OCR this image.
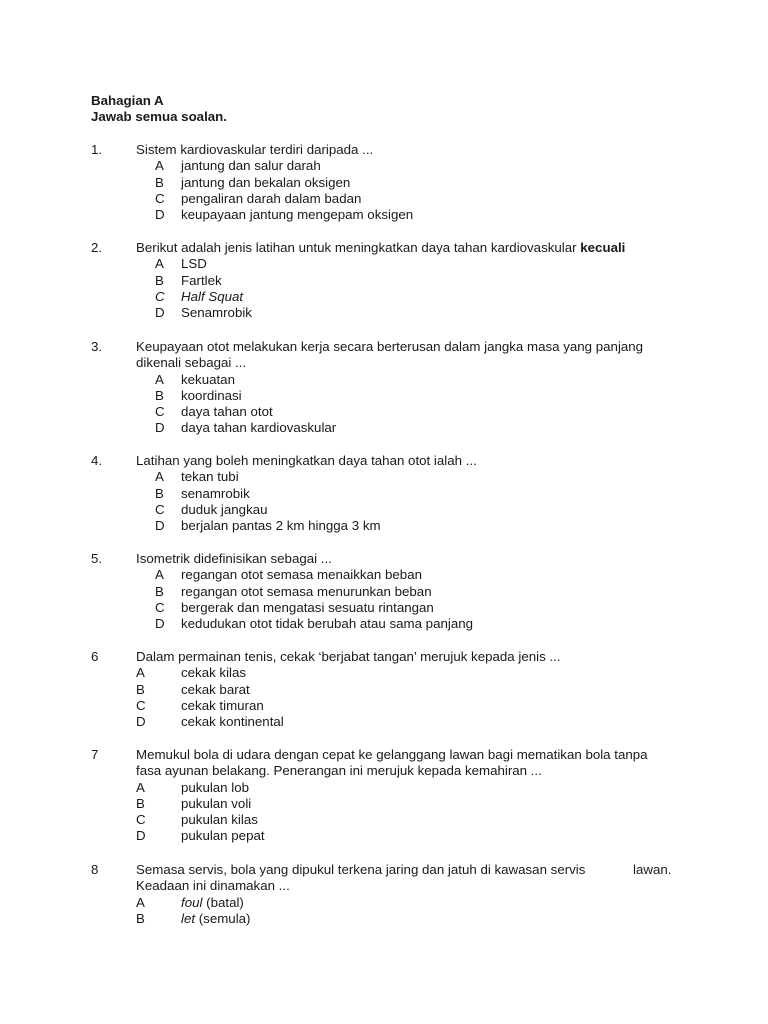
Bahagian A
Jawab semua soalan.
1.	Sistem kardiovaskular terdiri daripada ...
A jantung dan salur darah
B jantung dan bekalan oksigen
C pengaliran darah dalam badan
D keupayaan jantung mengepam oksigen
2.	Berikut adalah jenis latihan untuk meningkatkan daya tahan kardiovaskular kecuali
A LSD
B Fartlek
C Half Squat
D Senamrobik
3.	Keupayaan otot melakukan kerja secara berterusan dalam jangka masa yang panjang dikenali sebagai ...
A kekuatan
B koordinasi
C daya tahan otot
D daya tahan kardiovaskular
4.	Latihan yang boleh meningkatkan daya tahan otot ialah ...
A tekan tubi
B senamrobik
C duduk jangkau
D berjalan pantas 2 km hingga 3 km
5.	Isometrik didefinisikan sebagai ...
A regangan otot semasa menaikkan beban
B regangan otot semasa menurunkan beban
C bergerak dan mengatasi sesuatu rintangan
D kedudukan otot tidak berubah atau sama panjang
6	Dalam permainan tenis, cekak ‘berjabat tangan’ merujuk kepada jenis ...
A	cekak kilas
B	cekak barat
C	cekak timuran
D	cekak kontinental
7	Memukul bola di udara dengan cepat ke gelanggang lawan bagi mematikan bola tanpa fasa ayunan belakang. Penerangan ini merujuk kepada kemahiran ...
A	pukulan lob
B	pukulan voli
C	pukulan kilas
D	pukulan pepat
8	Semasa servis, bola yang dipukul terkena jaring dan jatuh di kawasan servis	lawan.
Keadaan ini dinamakan ...
A	foul (batal)
B	let (semula)
